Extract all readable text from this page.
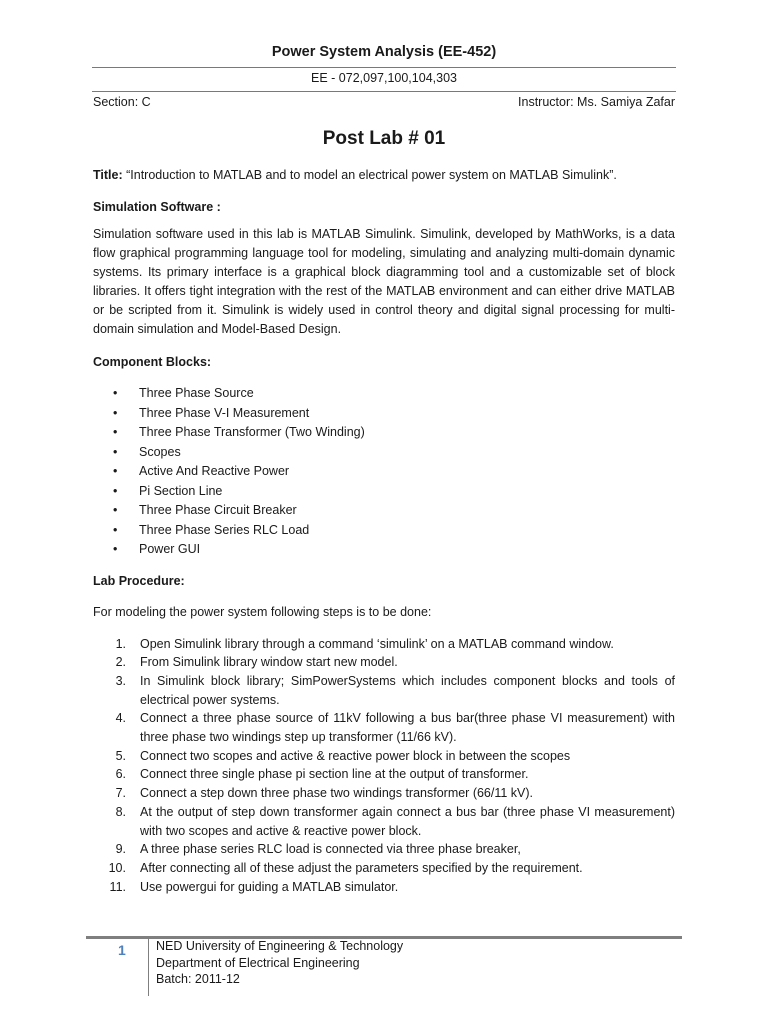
Power System Analysis (EE-452)
EE - 072,097,100,104,303
Section: C	Instructor: Ms. Samiya Zafar
Post Lab # 01

Title: “Introduction to MATLAB and to model an electrical power system on MATLAB Simulink”.

Simulation Software :

Simulation software used in this lab is MATLAB Simulink. Simulink, developed by MathWorks, is a data flow graphical programming language tool for modeling, simulating and analyzing multi-domain dynamic systems. Its primary interface is a graphical block diagramming tool and a customizable set of block libraries. It offers tight integration with the rest of the MATLAB environment and can either drive MATLAB or be scripted from it. Simulink is widely used in control theory and digital signal processing for multi-domain simulation and Model-Based Design.

Component Blocks:
• Three Phase Source
• Three Phase V-I Measurement
• Three Phase Transformer (Two Winding)
• Scopes
• Active And Reactive Power
• Pi Section Line
• Three Phase Circuit Breaker
• Three Phase Series RLC Load
• Power GUI
Lab Procedure:

For modeling the power system following steps is to be done:

1. Open Simulink library through a command ‘simulink’ on a MATLAB command window.
2. From Simulink library window start new model.
3. In Simulink block library; SimPowerSystems which includes component blocks and tools of electrical power systems.
4. Connect a three phase source of 11kV following a bus bar(three phase VI measurement) with three phase two windings step up transformer (11/66 kV).
5. Connect two scopes and active & reactive power block in between the scopes
6. Connect three single phase pi section line at the output of transformer.
7. Connect a step down three phase two windings transformer (66/11 kV).
8. At the output of step down transformer again connect a bus bar (three phase VI measurement) with two scopes and active & reactive power block.
9. A three phase series RLC load is connected via three phase breaker,
10. After connecting all of these adjust the parameters specified by the requirement.
11. Use powergui for guiding a MATLAB simulator.
1 NED University of Engineering & Technology
Department of Electrical Engineering
Batch: 2011-12
